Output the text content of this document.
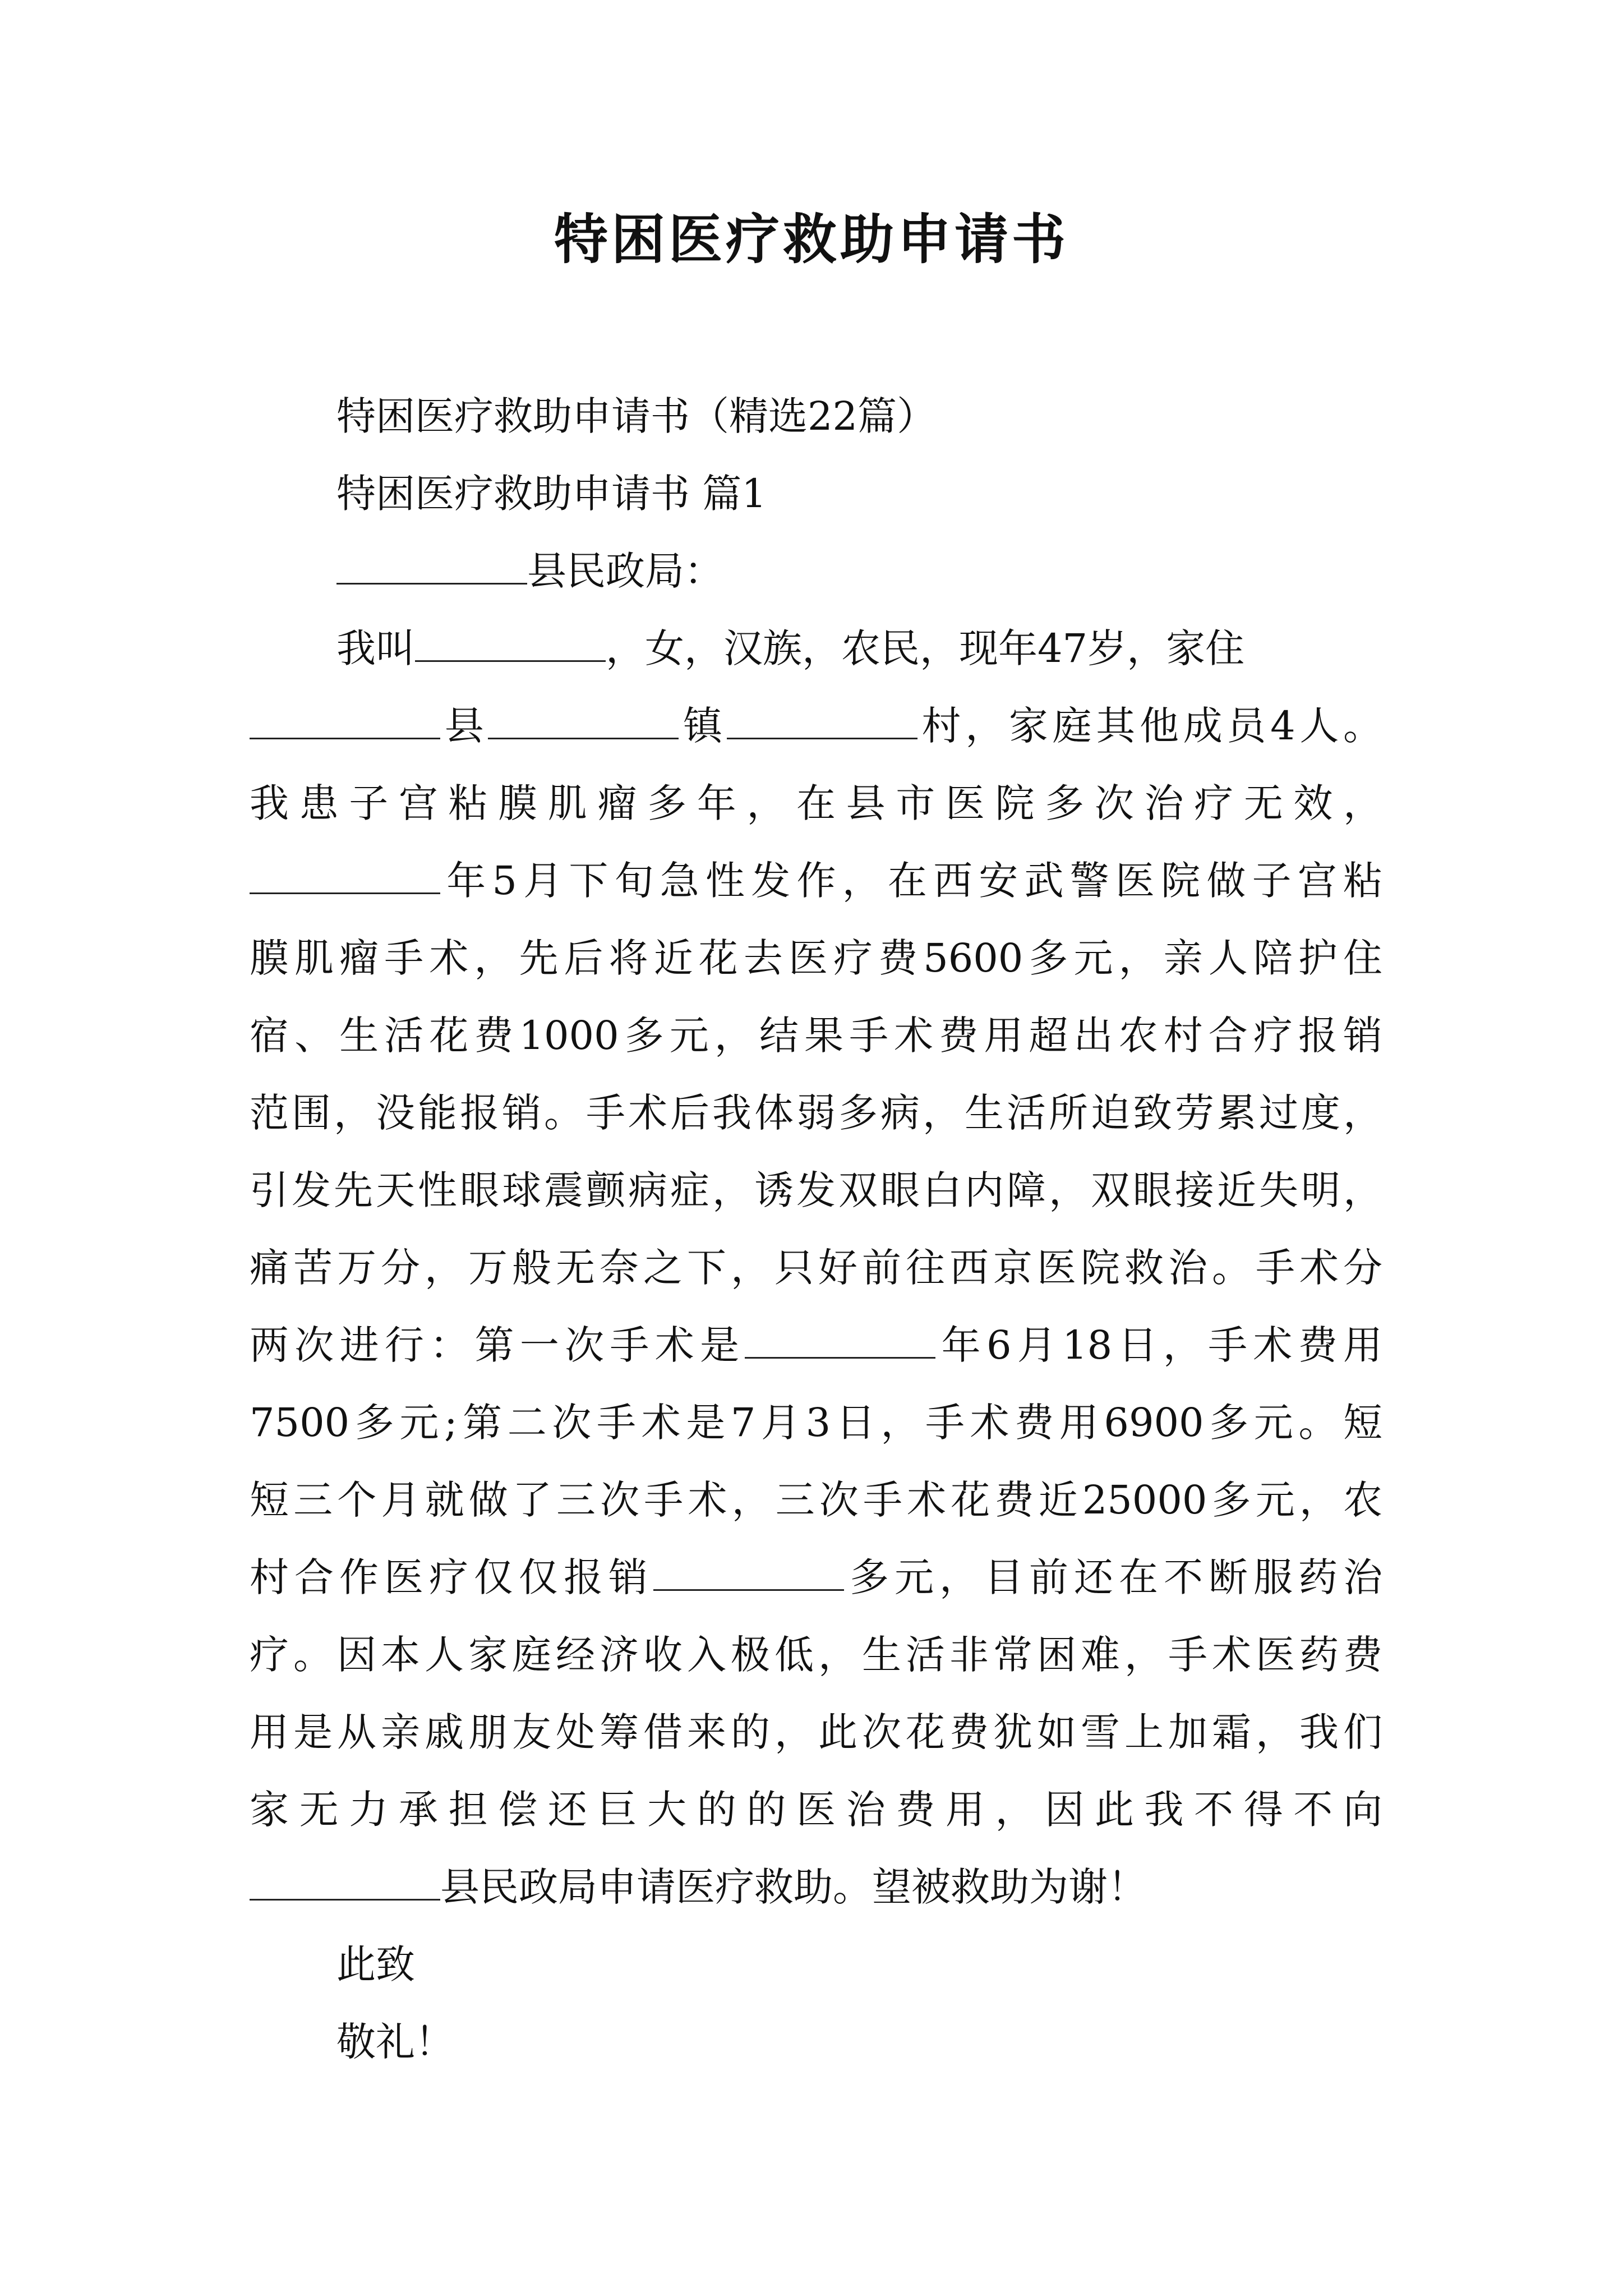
特困医疗救助申请书
特困医疗救助申请书（精选22篇）
特困医疗救助申请书 篇1
县民政局：
我叫	，女，汉族，农民，现年47岁，家住
县	镇	村，家庭其他成员4人。
我患子宫粘膜肌瘤多年，在县市医院多次治疗无效，
年5月下旬急性发作，在西安武警医院做子宫粘
膜肌瘤手术，先后将近花去医疗费5600多元，亲人陪护住
宿、生活花费1000多元，结果手术费用超出农村合疗报销
范围，没能报销。手术后我体弱多病，生活所迫致劳累过度，
引发先天性眼球震颤病症，诱发双眼白内障，双眼接近失明，
痛苦万分，万般无奈之下，只好前往西京医院救治。手术分
两次进行：第一次手术是	年6月18日，手术费用
7500多元;第二次手术是7月3日，手术费用6900多元。短
短三个月就做了三次手术，三次手术花费近25000多元，农
村合作医疗仅仅报销	多元，目前还在不断服药治
疗。因本人家庭经济收入极低，生活非常困难，手术医药费
用是从亲戚朋友处筹借来的，此次花费犹如雪上加霜，我们
家无力承担偿还巨大的的医治费用，因此我不得不向
县民政局申请医疗救助。望被救助为谢！
此致
敬礼！
